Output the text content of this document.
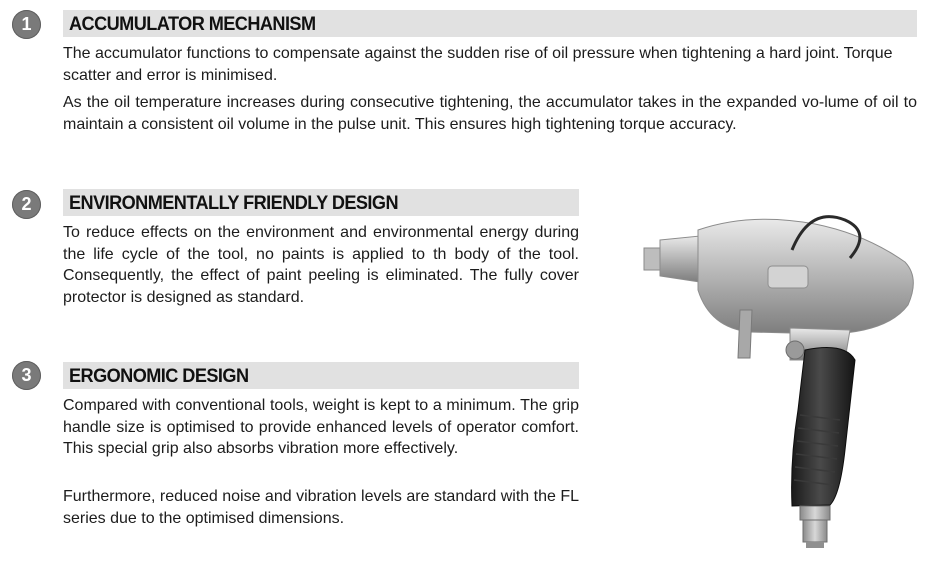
1	ACCUMULATOR MECHANISM

The accumulator functions to compensate against the sudden rise of oil pressure when tightening a hard joint. Torque scatter and error is minimised.

As the oil temperature increases during consecutive tightening, the accumulator takes in the expanded vo-lume of oil to maintain a consistent oil volume in the pulse unit. This ensures high tightening torque accuracy.

2	ENVIRONMENTALLY FRIENDLY DESIGN

To reduce effects on the environment and environmental energy during the life cycle of the tool, no paints is applied to th body of the tool. Consequently, the effect of paint peeling is eliminated. The fully cover protector is designed as standard.

3	ERGONOMIC DESIGN

Compared with conventional tools, weight is kept to a minimum. The grip handle size is optimised to provide enhanced levels of operator comfort. This special grip also absorbs vibration more effectively.

Furthermore, reduced noise and vibration levels are standard with the FL series due to the optimised dimensions.
